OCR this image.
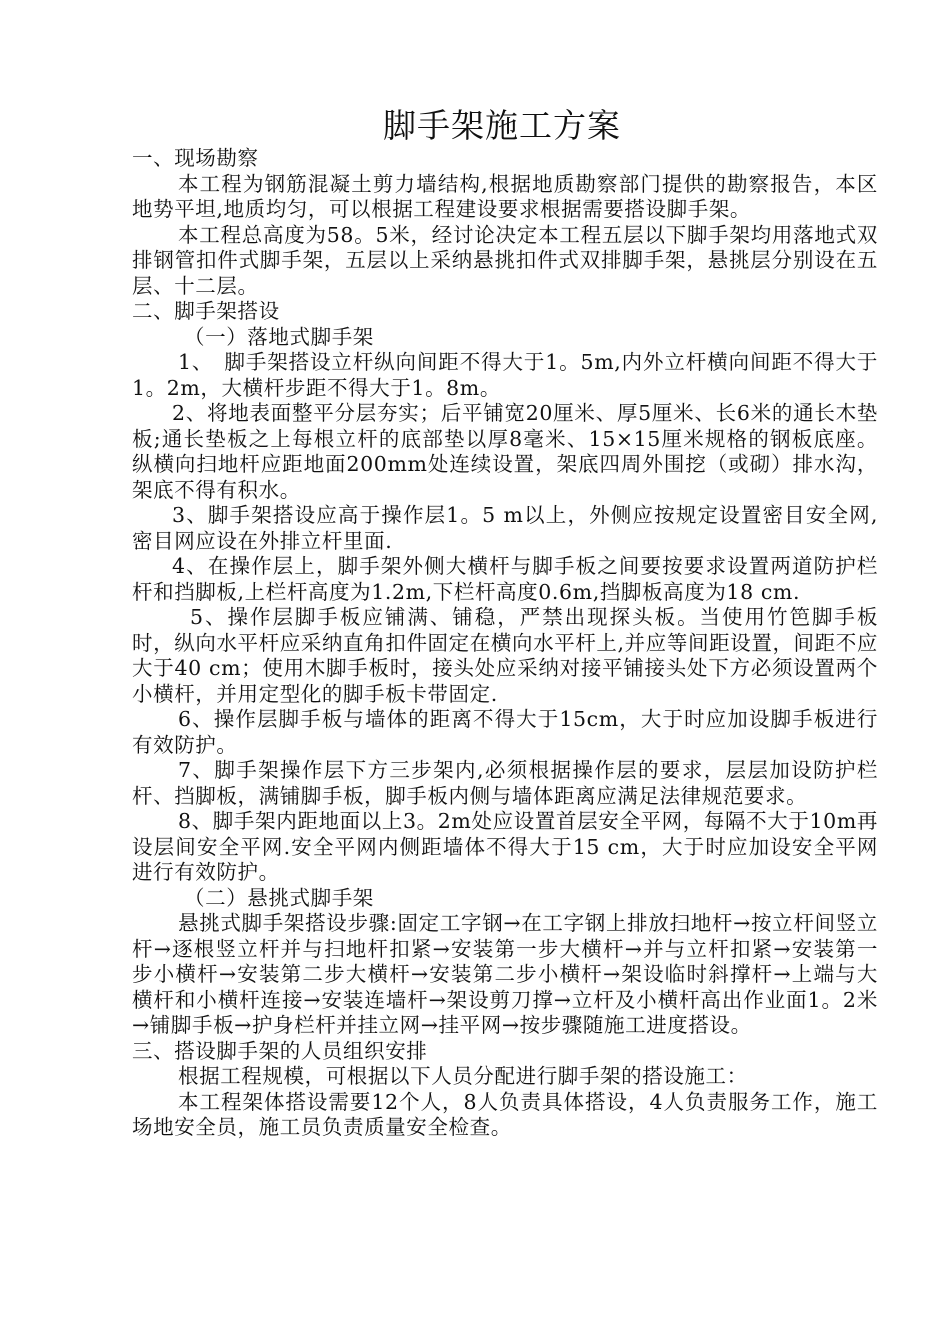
脚手架施工方案

一、现场勘察

本工程为钢筋混凝土剪力墙结构,根据地质勘察部门提供的勘察报告，本区地势平坦,地质均匀，可以根据工程建设要求根据需要搭设脚手架。

本工程总高度为58。5米，经讨论决定本工程五层以下脚手架均用落地式双排钢管扣件式脚手架，五层以上采纳悬挑扣件式双排脚手架，悬挑层分别设在五层、十二层。

二、脚手架搭设

（一）落地式脚手架

1、　脚手架搭设立杆纵向间距不得大于1。5m,内外立杆横向间距不得大于1。2m，大横杆步距不得大于1。8m。

2、将地表面整平分层夯实；后平铺宽20厘米、厚5厘米、长6米的通长木垫板;通长垫板之上每根立杆的底部垫以厚8毫米、15×15厘米规格的钢板底座。纵横向扫地杆应距地面200mm处连续设置，架底四周外围挖（或砌）排水沟，架底不得有积水。

3、脚手架搭设应高于操作层1。5 m以上，外侧应按规定设置密目安全网,密目网应设在外排立杆里面.

4、在操作层上，脚手架外侧大横杆与脚手板之间要按要求设置两道防护栏杆和挡脚板,上栏杆高度为1.2m,下栏杆高度0.6m,挡脚板高度为18 cm.

5、操作层脚手板应铺满、铺稳，严禁出现探头板。当使用竹笆脚手板时，纵向水平杆应采纳直角扣件固定在横向水平杆上,并应等间距设置，间距不应大于40 cm；使用木脚手板时，接头处应采纳对接平铺接头处下方必须设置两个小横杆，并用定型化的脚手板卡带固定.

6、操作层脚手板与墙体的距离不得大于15cm，大于时应加设脚手板进行有效防护。

7、脚手架操作层下方三步架内,必须根据操作层的要求，层层加设防护栏杆、挡脚板，满铺脚手板，脚手板内侧与墙体距离应满足法律规范要求。

8、脚手架内距地面以上3。2m处应设置首层安全平网，每隔不大于10m再设层间安全平网.安全平网内侧距墙体不得大于15 cm，大于时应加设安全平网进行有效防护。

（二）悬挑式脚手架

悬挑式脚手架搭设步骤:固定工字钢→在工字钢上排放扫地杆→按立杆间竖立杆→逐根竖立杆并与扫地杆扣紧→安装第一步大横杆→并与立杆扣紧→安装第一步小横杆→安装第二步大横杆→安装第二步小横杆→架设临时斜撑杆→上端与大横杆和小横杆连接→安装连墙杆→架设剪刀撑→立杆及小横杆高出作业面1。2米→铺脚手板→护身栏杆并挂立网→挂平网→按步骤随施工进度搭设。

三、搭设脚手架的人员组织安排

根据工程规模，可根据以下人员分配进行脚手架的搭设施工：

本工程架体搭设需要12个人，8人负责具体搭设，4人负责服务工作，施工场地安全员，施工员负责质量安全检查。
